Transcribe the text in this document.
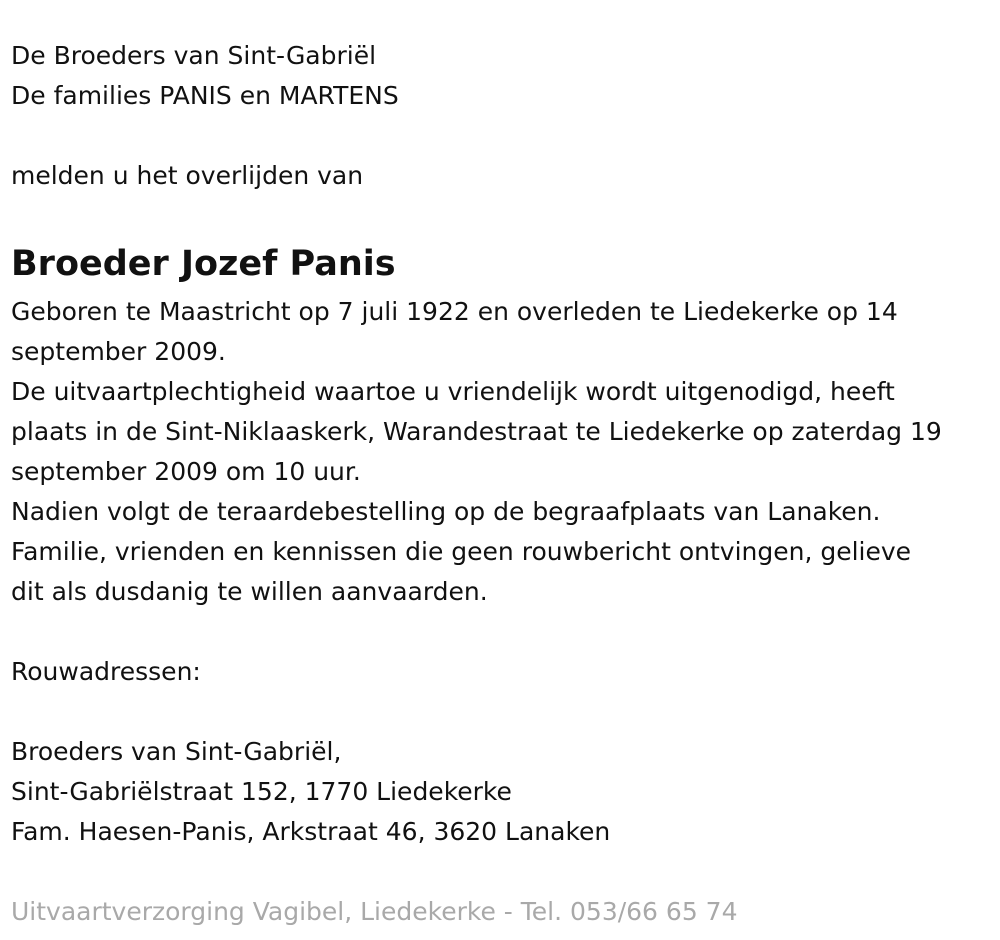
De Broeders van Sint-Gabriël
De families PANIS en MARTENS
melden u het overlijden van
Broeder Jozef Panis
Geboren te Maastricht op 7 juli 1922 en overleden te Liedekerke op 14
september 2009.
De uitvaartplechtigheid waartoe u vriendelijk wordt uitgenodigd, heeft
plaats in de Sint-Niklaaskerk, Warandestraat te Liedekerke op zaterdag 19
september 2009 om 10 uur.
Nadien volgt de teraardebestelling op de begraafplaats van Lanaken.
Familie, vrienden en kennissen die geen rouwbericht ontvingen, gelieve
dit als dusdanig te willen aanvaarden.
Rouwadressen:
Broeders van Sint-Gabriël,
Sint-Gabriëlstraat 152, 1770 Liedekerke
Fam. Haesen-Panis, Arkstraat 46, 3620 Lanaken
Uitvaartverzorging Vagibel, Liedekerke - Tel. 053/66 65 74
